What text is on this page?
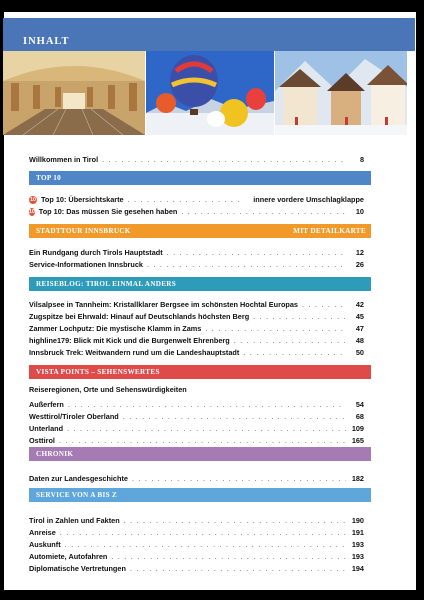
INHALT
Willkommen in Tirol . . .	8
TOP 10
10 Top 10: Übersichtskarte . . .	innere vordere Umschlagklappe
10 Top 10: Das müssen Sie gesehen haben . . .	10
STADTTOUR INNSBRUCK	MIT DETAILKARTE
Ein Rundgang durch Tirols Hauptstadt . . .	12
Service-Informationen Innsbruck . . .	26
REISEBLOG: TIROL EINMAL ANDERS
Vilsalpsee in Tannheim: Kristallklarer Bergsee im schönsten Hochtal Europas . . .	42
Zugspitze bei Ehrwald: Hinauf auf Deutschlands höchsten Berg . . .	45
Zammer Lochputz: Die mystische Klamm in Zams . . .	47
highline179: Blick mit Kick und die Burgenwelt Ehrenberg . . .	48
Innsbruck Trek: Weitwandern rund um die Landeshauptstadt . . .	50
VISTA POINTS – SEHENSWERTES
Reiseregionen, Orte und Sehenswürdigkeiten
Außerfern . . .	54
Westtirol/Tiroler Oberland . . .	68
Unterland . . .	109
Osttirol . . .	165
CHRONIK
Daten zur Landesgeschichte . . .	182
SERVICE VON A BIS Z
Tirol in Zahlen und Fakten . . .	190
Anreise . . .	191
Auskunft . . .	193
Automiete, Autofahren . . .	193
Diplomatische Vertretungen . . .	194
